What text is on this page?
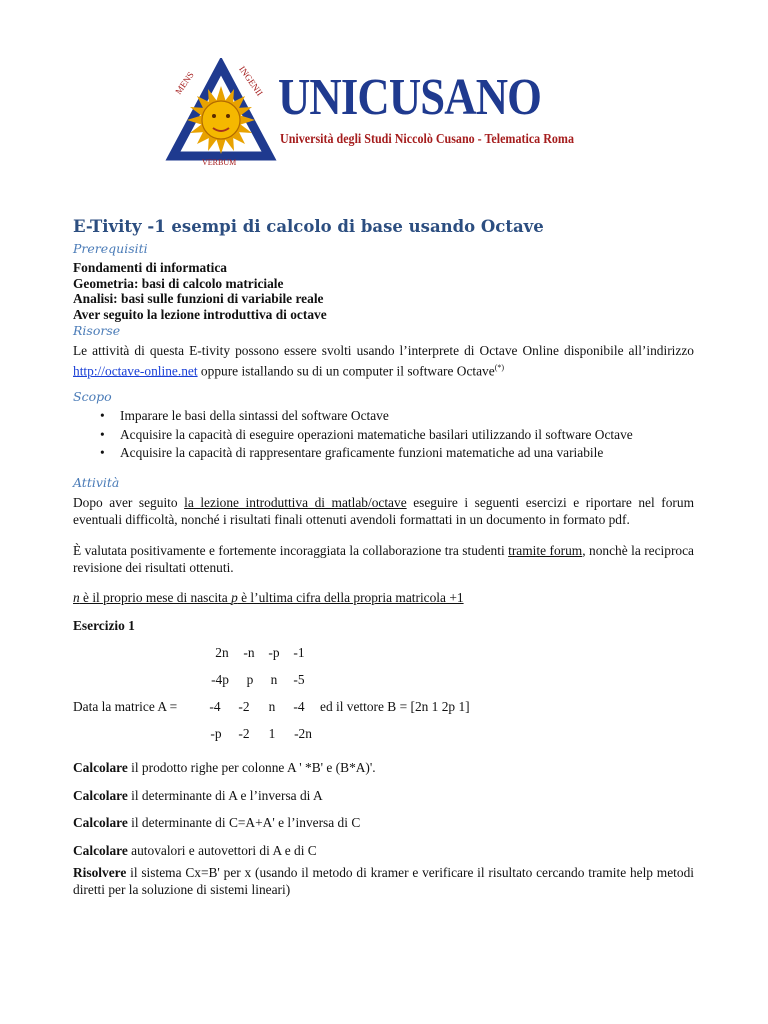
MENS	INGENII
VERBUM
UNICUSANO
Università degli Studi Niccolò Cusano - Telematica Roma
E-Tivity -1 esempi di calcolo di base usando Octave
Prerequisiti
Fondamenti di informatica
Geometria: basi di calcolo matriciale
Analisi: basi sulle funzioni di variabile reale
Aver seguito la lezione introduttiva di octave
Risorse
Le attività di questa E-tivity possono essere svolti usando l’interprete di Octave Online disponibile all’indirizzo http://octave-online.net oppure istallando su di un computer il software Octave(*)
Scopo
• Imparare le basi della sintassi del software Octave
• Acquisire la capacità di eseguire operazioni matematiche basilari utilizzando il software Octave
• Acquisire la capacità di rappresentare graficamente funzioni matematiche ad una variabile
Attività
Dopo aver seguito la lezione introduttiva di matlab/octave eseguire i seguenti esercizi e riportare nel forum eventuali difficoltà, nonché i risultati finali ottenuti avendoli formattati in un documento in formato pdf.
È valutata positivamente e fortemente incoraggiata la collaborazione tra studenti tramite forum, nonchè la reciproca revisione dei risultati ottenuti.
n è il proprio mese di nascita p è l’ultima cifra della propria matricola +1
Esercizio 1
2n	-n	-p	-1
-4p	p	n	-5
-4	-2	n	-4
-p	-2	1	-2n
Data la matrice A =	ed il vettore B = [2n 1 2p 1]
Calcolare il prodotto righe per colonne A ' *B' e (B*A)'.
Calcolare il determinante di A e l’inversa di A
Calcolare il determinante di C=A+A' e l’inversa di C
Calcolare autovalori e autovettori di A e di C
Risolvere il sistema Cx=B' per x (usando il metodo di kramer e verificare il risultato cercando tramite help metodi diretti per la soluzione di sistemi lineari)
